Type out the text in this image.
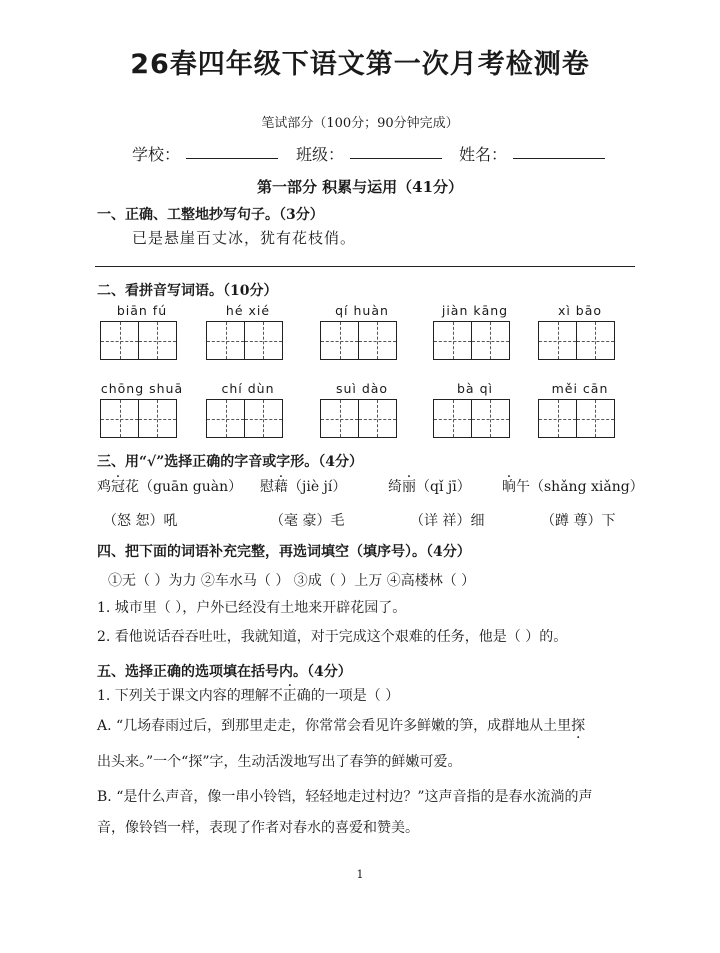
26春四年级下语文第一次月考检测卷
笔试部分（100分；90分钟完成）
学校：	班级：	姓名：
第一部分 积累与运用（41分）
一、正确、工整地抄写句子。（3分）
已是悬崖百丈冰，犹有花枝俏。
二、看拼音写词语。（10分）
biān fú	hé xié	qí huàn	jiàn kāng	xì bāo
chōng shuā	chí dùn	suì dào	bà qì	měi cān
三、用“√”选择正确的字音或字形。（4分）
鸡冠花（guān guàn） 慰藉（jiè jí）	绮丽（qǐ jī） 晌午（shǎng xiǎng）
（怒 恕）吼	（毫 豪）毛	（详 祥）细	（蹲 尊）下
四、把下面的词语补充完整，再选词填空（填序号）。（4分）
①无（ ）为力 ②车水马（ ） ③成（ ）上万 ④高楼林（ ）
1. 城市里（ ），户外已经没有土地来开辟花园了。
2. 看他说话吞吞吐吐，我就知道，对于完成这个艰难的任务，他是（ ）的。
五、选择正确的选项填在括号内。（4分）
1. 下列关于课文内容的理解不正确的一项是（ ）
A. “几场春雨过后，到那里走走，你常常会看见许多鲜嫩的笋，成群地从土里探
出头来。”一个“探”字，生动活泼地写出了春笋的鲜嫩可爱。
B. “是什么声音，像一串小铃铛，轻轻地走过村边？”这声音指的是春水流淌的声
音，像铃铛一样，表现了作者对春水的喜爱和赞美。
1
